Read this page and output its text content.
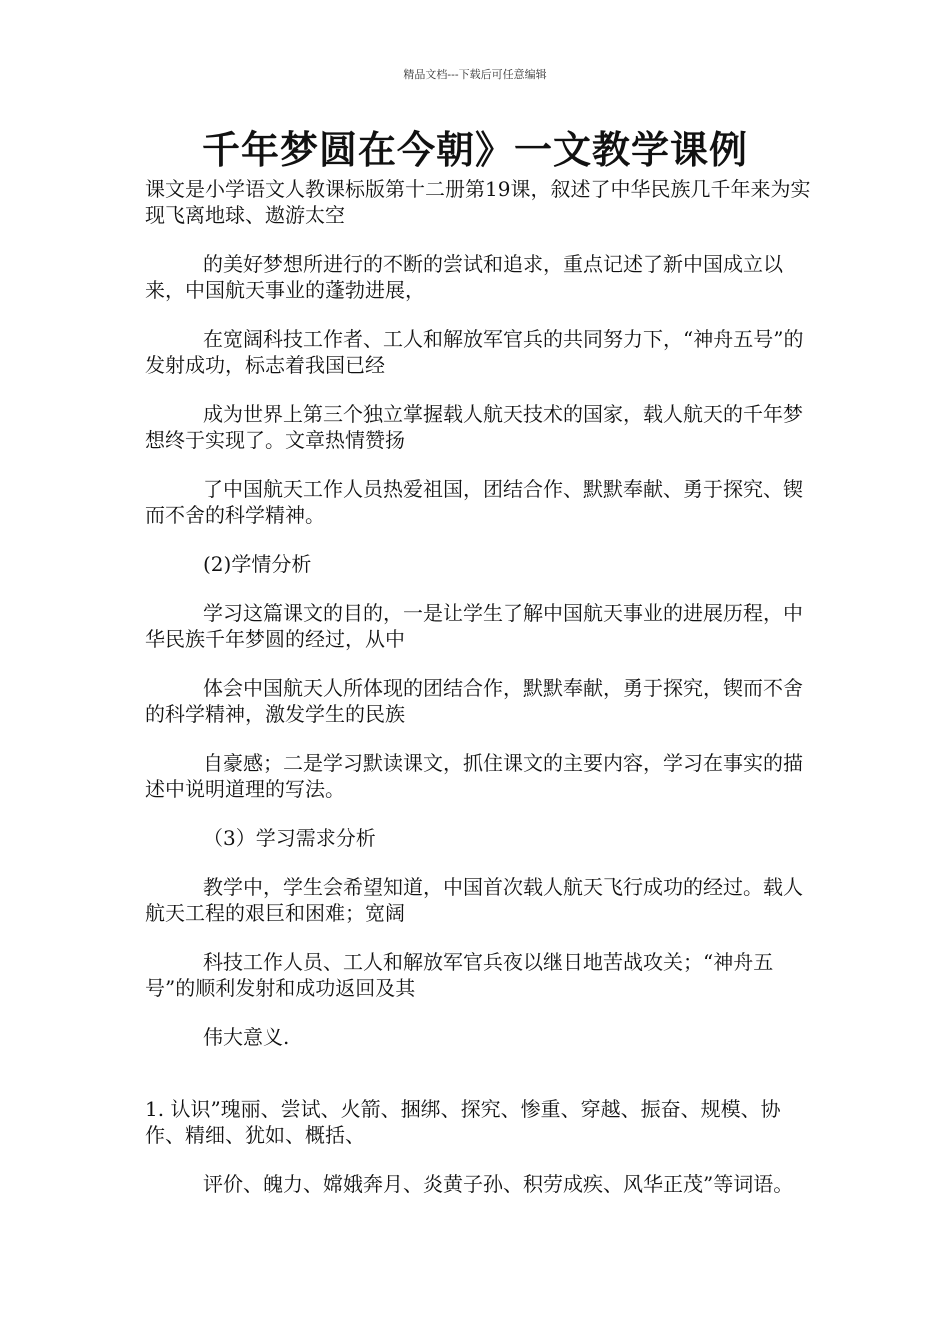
精品文档---下载后可任意编辑
千年梦圆在今朝》一文教学课例

课文是小学语文人教课标版第十二册第19课，叙述了中华民族几千年来为实现飞离地球、遨游太空

的美好梦想所进行的不断的尝试和追求，重点记述了新中国成立以来，中国航天事业的蓬勃进展，

在宽阔科技工作者、工人和解放军官兵的共同努力下，“神舟五号”的发射成功，标志着我国已经

成为世界上第三个独立掌握载人航天技术的国家，载人航天的千年梦想终于实现了。文章热情赞扬

了中国航天工作人员热爱祖国，团结合作、默默奉献、勇于探究、锲而不舍的科学精神。

(2)学情分析

学习这篇课文的目的，一是让学生了解中国航天事业的进展历程，中华民族千年梦圆的经过，从中

体会中国航天人所体现的团结合作，默默奉献，勇于探究，锲而不舍的科学精神，激发学生的民族

自豪感；二是学习默读课文，抓住课文的主要内容，学习在事实的描述中说明道理的写法。

（3）学习需求分析

教学中，学生会希望知道，中国首次载人航天飞行成功的经过。载人航天工程的艰巨和困难；宽阔

科技工作人员、工人和解放军官兵夜以继日地苦战攻关；“神舟五号”的顺利发射和成功返回及其

伟大意义.

1. 认识”瑰丽、尝试、火箭、捆绑、探究、惨重、穿越、振奋、规模、协作、精细、犹如、概括、

评价、魄力、嫦娥奔月、炎黄子孙、积劳成疾、风华正茂”等词语。
